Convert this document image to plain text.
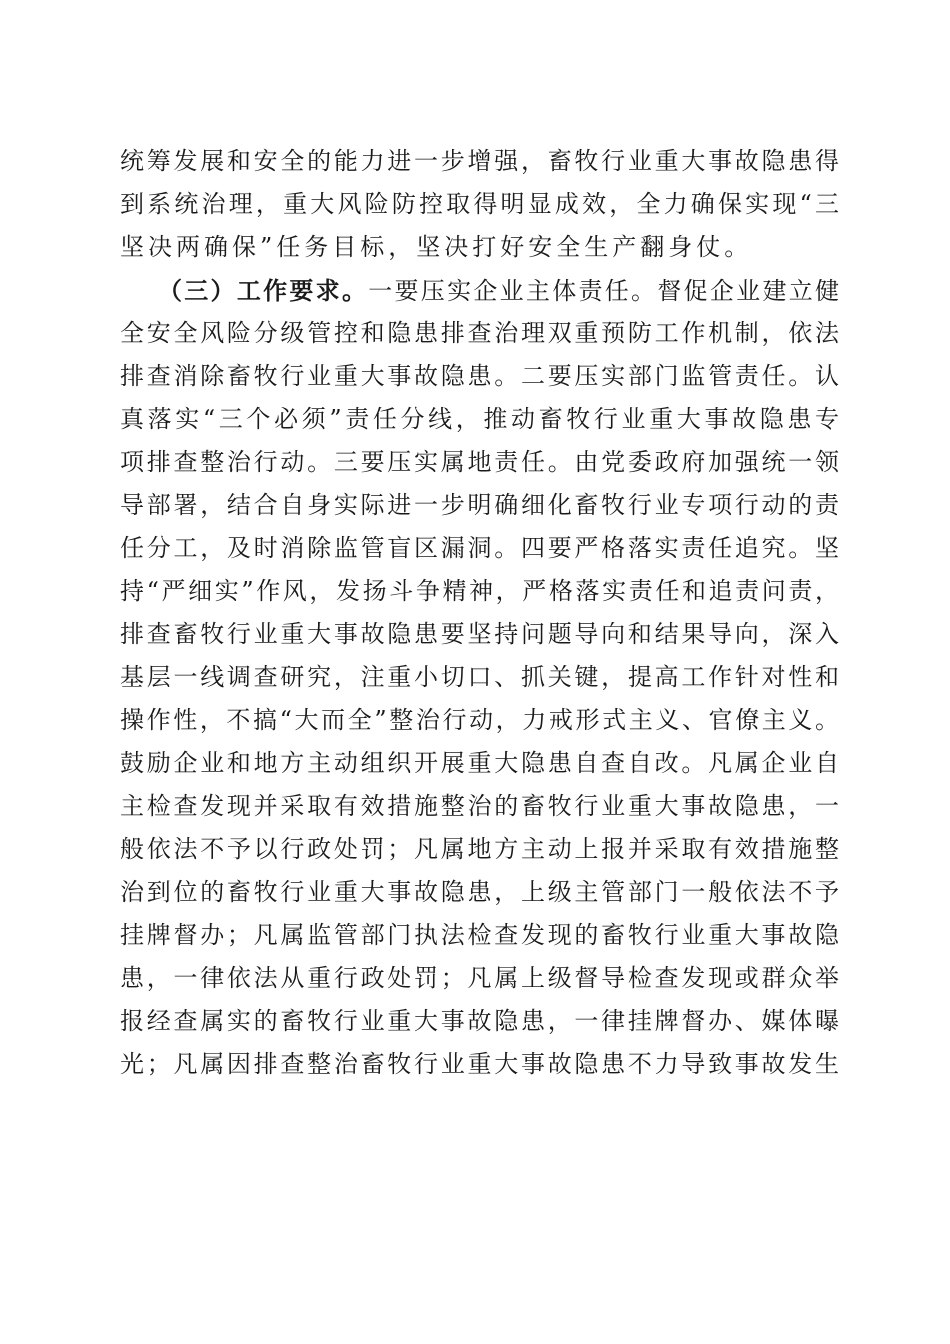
统筹发展和安全的能力进一步增强，畜牧行业重大事故隐患得
到系统治理，重大风险防控取得明显成效，全力确保实现“三
坚决两确保”任务目标，坚决打好安全生产翻身仗。
（三）工作要求。一要压实企业主体责任。督促企业建立健
全安全风险分级管控和隐患排查治理双重预防工作机制，依法
排查消除畜牧行业重大事故隐患。二要压实部门监管责任。认
真落实“三个必须”责任分线，推动畜牧行业重大事故隐患专
项排查整治行动。三要压实属地责任。由党委政府加强统一领
导部署，结合自身实际进一步明确细化畜牧行业专项行动的责
任分工，及时消除监管盲区漏洞。四要严格落实责任追究。坚
持“严细实”作风，发扬斗争精神，严格落实责任和追责问责，
排查畜牧行业重大事故隐患要坚持问题导向和结果导向，深入
基层一线调查研究，注重小切口、抓关键，提高工作针对性和
操作性，不搞“大而全”整治行动，力戒形式主义、官僚主义。
鼓励企业和地方主动组织开展重大隐患自查自改。凡属企业自
主检查发现并采取有效措施整治的畜牧行业重大事故隐患，一
般依法不予以行政处罚；凡属地方主动上报并采取有效措施整
治到位的畜牧行业重大事故隐患，上级主管部门一般依法不予
挂牌督办；凡属监管部门执法检查发现的畜牧行业重大事故隐
患，一律依法从重行政处罚；凡属上级督导检查发现或群众举
报经查属实的畜牧行业重大事故隐患，一律挂牌督办、媒体曝
光；凡属因排查整治畜牧行业重大事故隐患不力导致事故发生
